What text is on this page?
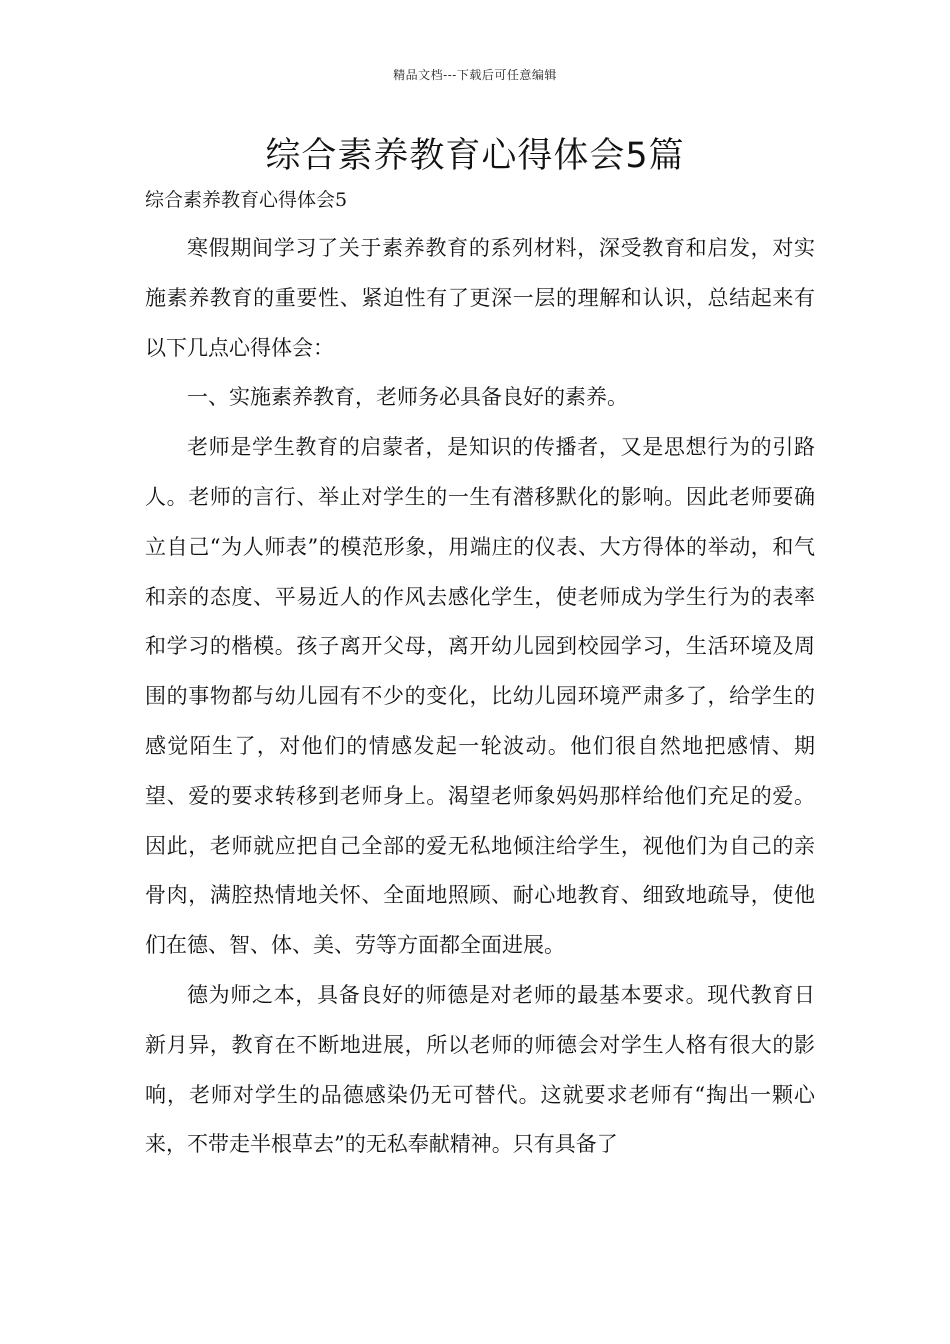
精品文档---下载后可任意编辑
综合素养教育心得体会5篇
综合素养教育心得体会5

寒假期间学习了关于素养教育的系列材料，深受教育和启发，对实施素养教育的重要性、紧迫性有了更深一层的理解和认识，总结起来有以下几点心得体会：

一、实施素养教育，老师务必具备良好的素养。

老师是学生教育的启蒙者，是知识的传播者，又是思想行为的引路人。老师的言行、举止对学生的一生有潜移默化的影响。因此老师要确立自己“为人师表”的模范形象，用端庄的仪表、大方得体的举动，和气和亲的态度、平易近人的作风去感化学生，使老师成为学生行为的表率和学习的楷模。孩子离开父母，离开幼儿园到校园学习，生活环境及周围的事物都与幼儿园有不少的变化，比幼儿园环境严肃多了，给学生的感觉陌生了，对他们的情感发起一轮波动。他们很自然地把感情、期望、爱的要求转移到老师身上。渴望老师象妈妈那样给他们充足的爱。因此，老师就应把自己全部的爱无私地倾注给学生，视他们为自己的亲骨肉，满腔热情地关怀、全面地照顾、耐心地教育、细致地疏导，使他们在德、智、体、美、劳等方面都全面进展。

德为师之本，具备良好的师德是对老师的最基本要求。现代教育日新月异，教育在不断地进展，所以老师的师德会对学生人格有很大的影响，老师对学生的品德感染仍无可替代。这就要求老师有“掏出一颗心来，不带走半根草去”的无私奉献精神。只有具备了
